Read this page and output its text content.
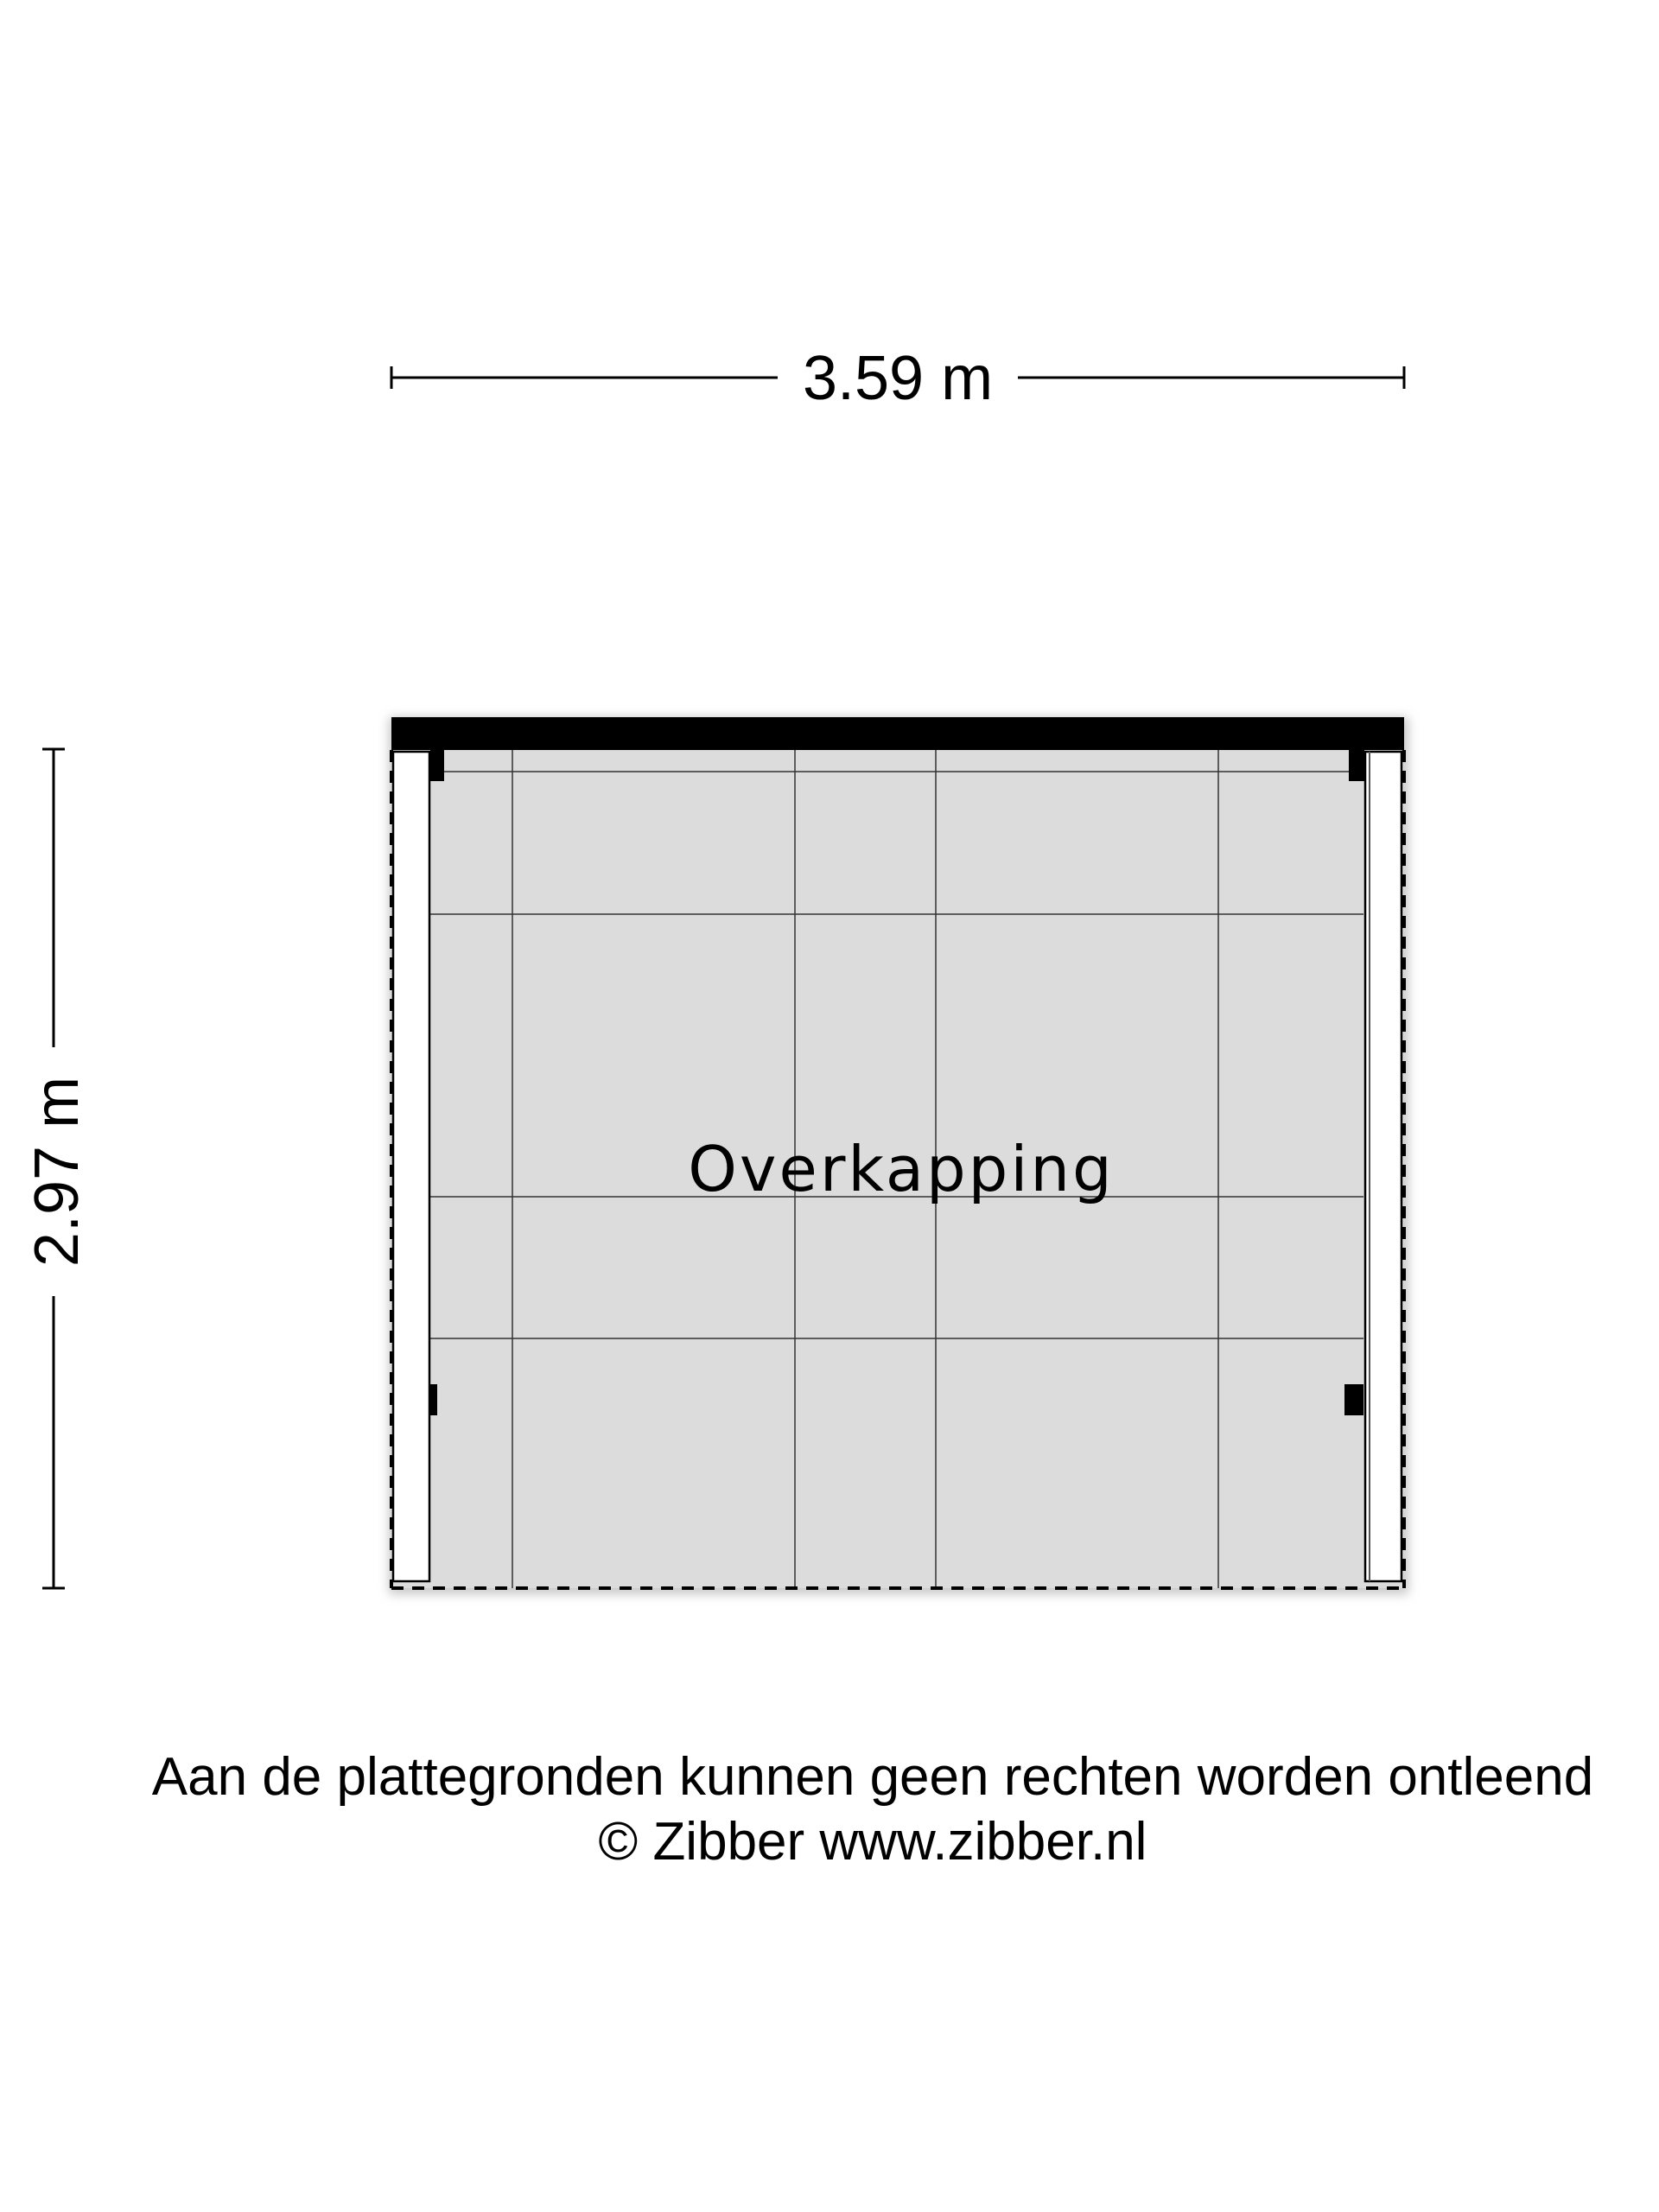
3.59 m
2.97 m	Overkapping
Aan de plattegronden kunnen geen rechten worden ontleend
© Zibber www.zibber.nl
